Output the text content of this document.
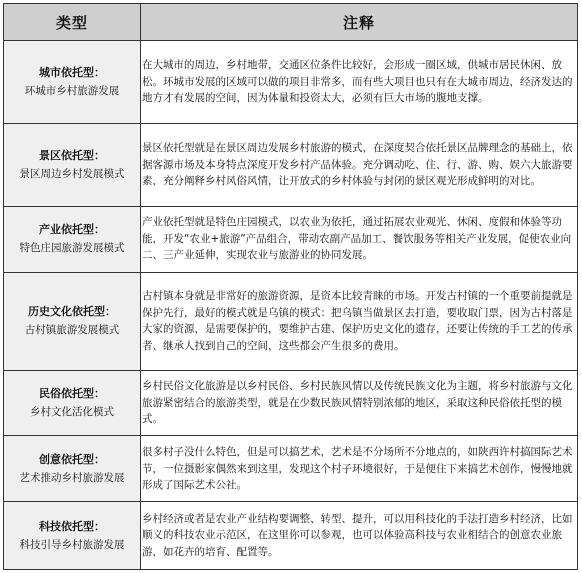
类型	注释

城市依托型：
环城市乡村旅游发展	在大城市的周边，乡村地带，交通区位条件比较好，会形成一圈区域，供城市居民休闲、放松。环城市发展的区域可以做的项目非常多，而有些大项目也只有在大城市周边，经济发达的地方才有发展的空间，因为体量和投资太大，必须有巨大市场的腹地支撑。

景区依托型：
景区周边乡村发展模式	景区依托型就是在景区周边发展乡村旅游的模式，在深度契合依托景区品牌理念的基础上，依据客源市场及本身特点深度开发乡村产品体验。充分调动吃、住、行、游、购、娱六大旅游要素，充分阐释乡村风俗风情，让开放式的乡村体验与封闭的景区观光形成鲜明的对比。

产业依托型：
特色庄园旅游发展模式	产业依托型就是特色庄园模式，以农业为依托，通过拓展农业观光、休闲、度假和体验等功能，开发“农业+旅游”产品组合，带动农副产品加工、餐饮服务等相关产业发展，促使农业向二、三产业延伸，实现农业与旅游业的协同发展。

历史文化依托型：
古村镇旅游发展模式	古村镇本身就是非常好的旅游资源，是资本比较青睐的市场。开发古村镇的一个重要前提就是保护先行，最好的模式就是乌镇的模式：把乌镇当做景区去打造，要收取门票，因为古村落是大家的资源，是需要保护的，要维护古建、保护历史文化的遗存，还要让传统的手工艺的传承者、继承人找到自己的空间，这些都会产生很多的费用。

民俗依托型：
乡村文化活化模式	乡村民俗文化旅游是以乡村民俗、乡村民族风情以及传统民族文化为主题，将乡村旅游与文化旅游紧密结合的旅游类型，就是在少数民族风情特别浓郁的地区，采取这种民俗依托型的模式。

创意依托型：
艺术推动乡村旅游发展	很多村子没什么特色，但是可以搞艺术，艺术是不分场所不分地点的，如陕西许村搞国际艺术节，一位摄影家偶然来到这里，发现这个村子环境很好，于是便住下来搞艺术创作，慢慢地就形成了国际艺术公社。

科技依托型：
科技引导乡村旅游发展	乡村经济或者是农业产业结构要调整、转型、提升，可以用科技化的手法打造乡村经济，比如顺义的科技农业示范区，在这里你可以参观，也可以体验高科技与农业相结合的创意农业旅游，如花卉的培育、配置等。
